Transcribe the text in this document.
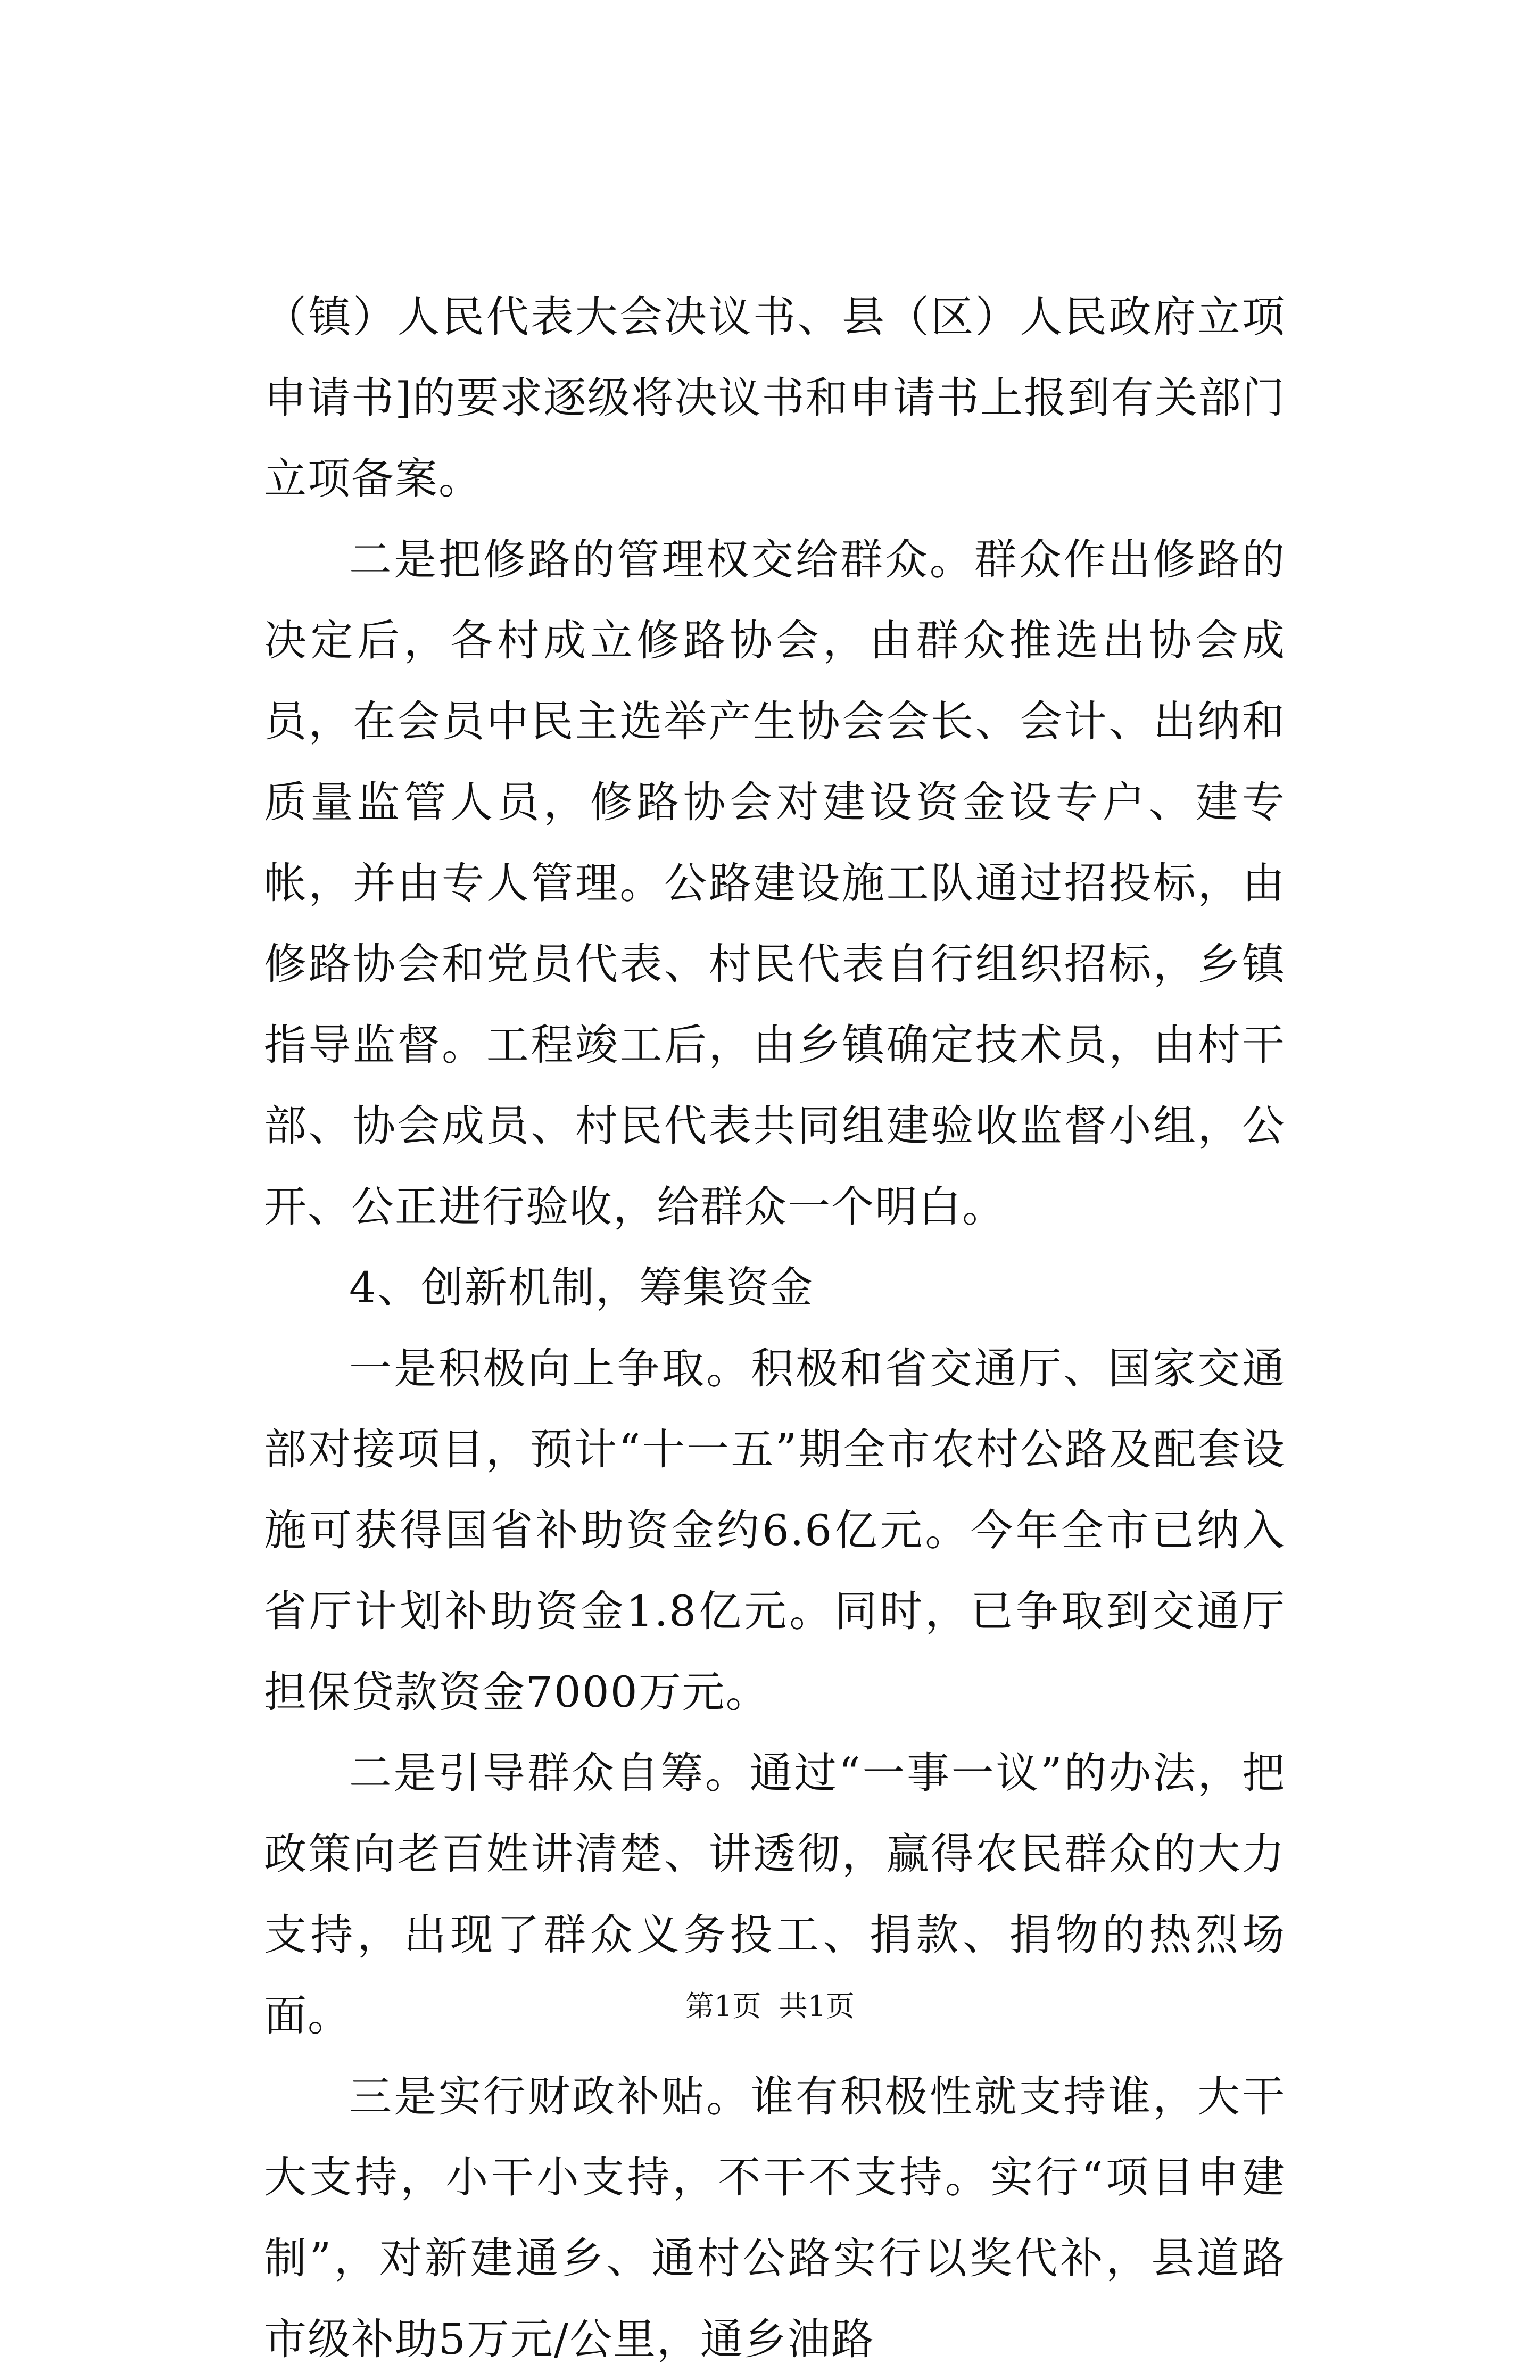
（镇）人民代表大会决议书、县（区）人民政府立项申请书]的要求逐级将决议书和申请书上报到有关部门立项备案。

二是把修路的管理权交给群众。群众作出修路的决定后，各村成立修路协会，由群众推选出协会成员，在会员中民主选举产生协会会长、会计、出纳和质量监管人员，修路协会对建设资金设专户、建专帐，并由专人管理。公路建设施工队通过招投标，由修路协会和党员代表、村民代表自行组织招标，乡镇指导监督。工程竣工后，由乡镇确定技术员，由村干部、协会成员、村民代表共同组建验收监督小组，公开、公正进行验收，给群众一个明白。

4、创新机制，筹集资金

一是积极向上争取。积极和省交通厅、国家交通部对接项目，预计“十一五”期全市农村公路及配套设施可获得国省补助资金约6.6亿元。今年全市已纳入省厅计划补助资金1.8亿元。同时，已争取到交通厅担保贷款资金7000万元。

二是引导群众自筹。通过“一事一议”的办法，把政策向老百姓讲清楚、讲透彻，赢得农民群众的大力支持，出现了群众义务投工、捐款、捐物的热烈场面。

三是实行财政补贴。谁有积极性就支持谁，大干大支持，小干小支持，不干不支持。实行“项目申建制”，对新建通乡、通村公路实行以奖代补，县道路市级补助5万元/公里，通乡油路

第1页 共1页
